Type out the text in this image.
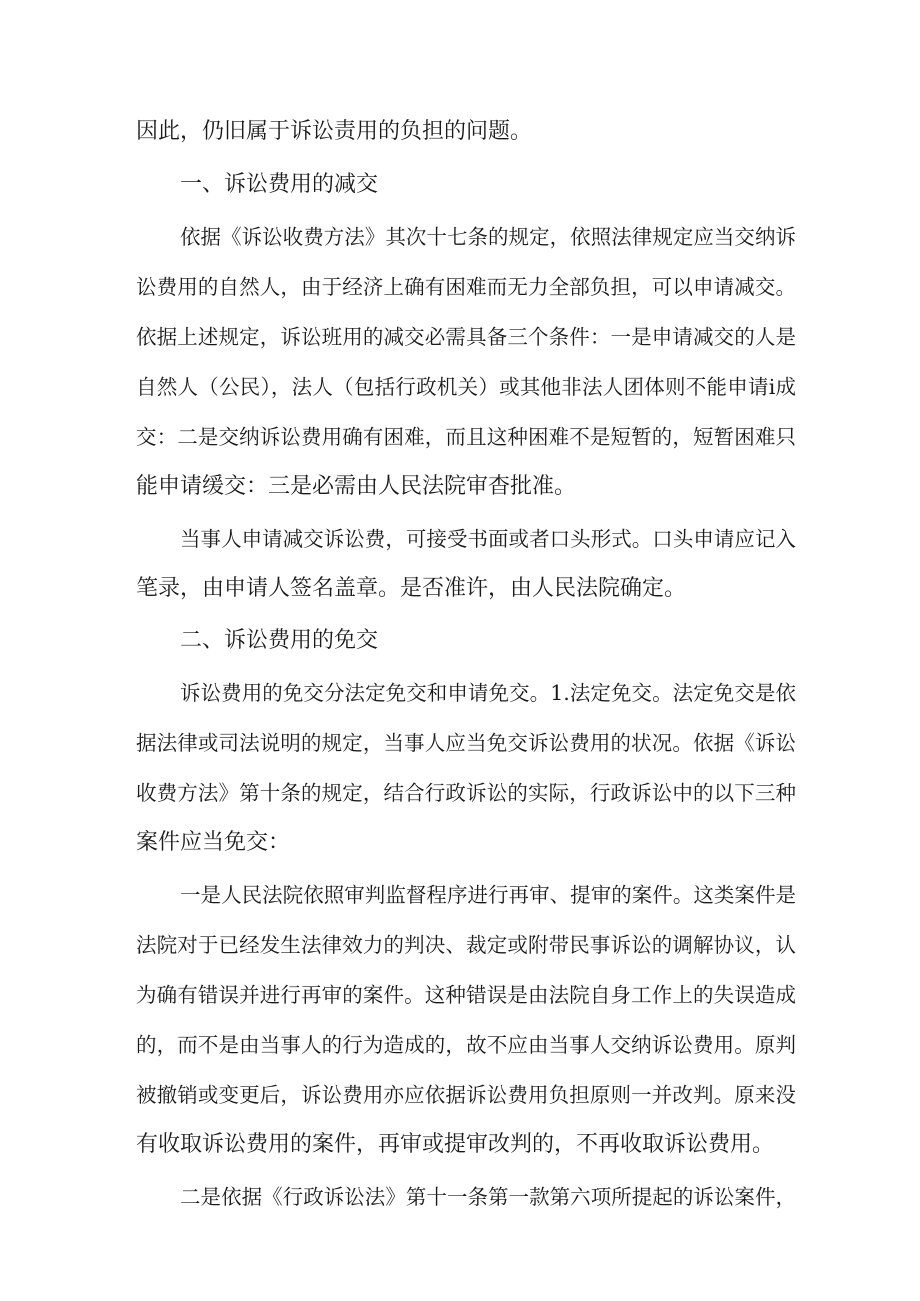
因此，仍旧属于诉讼责用的负担的问题。
一、诉讼费用的减交
依据《诉讼收费方法》其次十七条的规定，依照法律规定应当交纳诉
讼费用的自然人，由于经济上确有困难而无力全部负担，可以申请减交。
依据上述规定，诉讼班用的减交必需具备三个条件：一是申请减交的人是
自然人（公民），法人（包括行政机关）或其他非法人团体则不能申请i成
交：二是交纳诉讼费用确有困难，而且这种困难不是短暂的，短暂困难只
能申请缓交：三是必需由人民法院审杳批准。
当事人申请减交诉讼费，可接受书面或者口头形式。口头申请应记入
笔录，由申请人签名盖章。是否准许，由人民法院确定。
二、诉讼费用的免交
诉讼费用的免交分法定免交和申请免交。1.法定免交。法定免交是依
据法律或司法说明的规定，当事人应当免交诉讼费用的状况。依据《诉讼
收费方法》第十条的规定，结合行政诉讼的实际，行政诉讼中的以下三种
案件应当免交：
一是人民法院依照审判监督程序进行再审、提审的案件。这类案件是
法院对于已经发生法律效力的判决、裁定或附带民事诉讼的调解协议，认
为确有错误并进行再审的案件。这种错误是由法院自身工作上的失误造成
的，而不是由当事人的行为造成的，故不应由当事人交纳诉讼费用。原判
被撤销或变更后，诉讼费用亦应依据诉讼费用负担原则一并改判。原来没
有收取诉讼费用的案件，再审或提审改判的，不再收取诉讼费用。
二是依据《行政诉讼法》第十一条第一款第六项所提起的诉讼案件，
